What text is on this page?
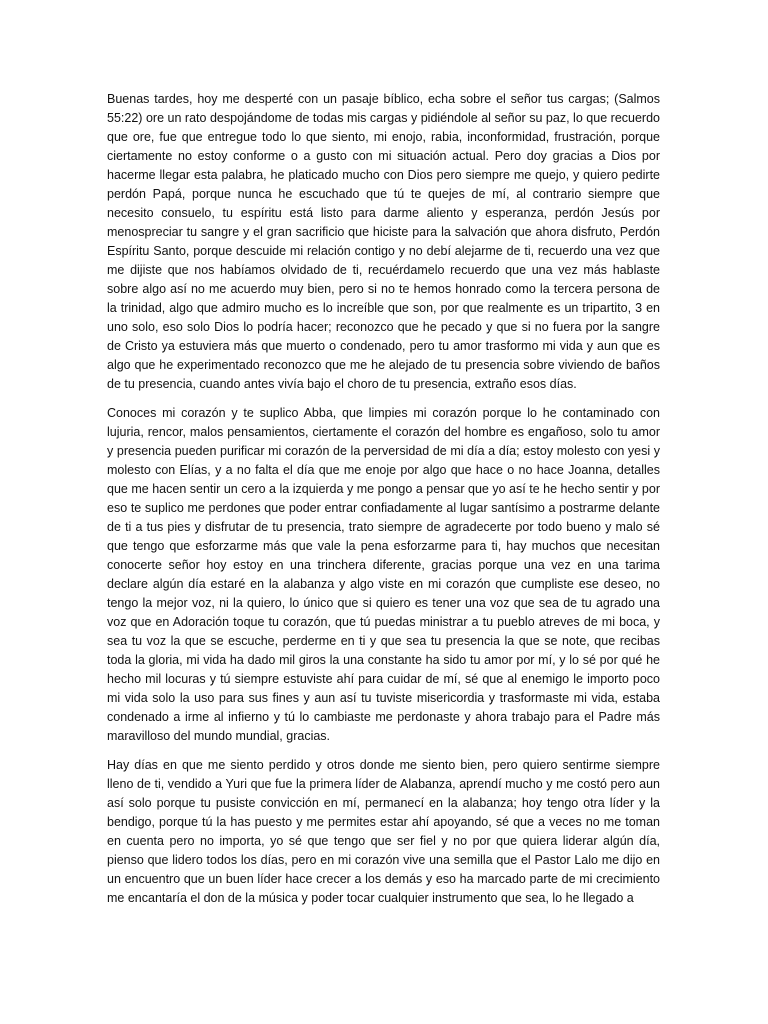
Buenas tardes, hoy me desperté con un pasaje bíblico, echa sobre el señor tus cargas; (Salmos 55:22) ore un rato despojándome de todas mis cargas y pidiéndole al señor su paz, lo que recuerdo que ore, fue que entregue todo lo que siento, mi enojo, rabia, inconformidad, frustración, porque ciertamente no estoy conforme o a gusto con mi situación actual. Pero doy gracias a Dios por hacerme llegar esta palabra, he platicado mucho con Dios pero siempre me quejo, y quiero pedirte perdón Papá, porque nunca he escuchado que tú te quejes de mí, al contrario siempre que necesito consuelo, tu espíritu está listo para darme aliento y esperanza, perdón Jesús por menospreciar tu sangre y el gran sacrificio que hiciste para la salvación que ahora disfruto, Perdón Espíritu Santo, porque descuide mi relación contigo y no debí alejarme de ti, recuerdo una vez que me dijiste que nos habíamos olvidado de ti, recuérdamelo recuerdo que una vez más hablaste sobre algo así no me acuerdo muy bien, pero si no te hemos honrado como la tercera persona de la trinidad, algo que admiro mucho es lo increíble que son, por que realmente es un tripartito, 3 en uno solo, eso solo Dios lo podría hacer; reconozco que he pecado y que si no fuera por la sangre de Cristo ya estuviera más que muerto o condenado, pero tu amor trasformo mi vida y aun que es algo que he experimentado reconozco que me he alejado de tu presencia sobre viviendo de baños de tu presencia, cuando antes vivía bajo el choro de tu presencia, extraño esos días.

Conoces mi corazón y te suplico Abba, que limpies mi corazón porque lo he contaminado con lujuria, rencor, malos pensamientos, ciertamente el corazón del hombre es engañoso, solo tu amor y presencia pueden purificar mi corazón de la perversidad de mi día a día; estoy molesto con yesi y molesto con Elías, y a no falta el día que me enoje por algo que hace o no hace Joanna, detalles que me hacen sentir un cero a la izquierda y me pongo a pensar que yo así te he hecho sentir y por eso te suplico me perdones que poder entrar confiadamente al lugar santísimo a postrarme delante de ti a tus pies y disfrutar de tu presencia, trato siempre de agradecerte por todo bueno y malo sé que tengo que esforzarme más que vale la pena esforzarme para ti, hay muchos que necesitan conocerte señor hoy estoy en una trinchera diferente, gracias porque una vez en una tarima declare algún día estaré en la alabanza y algo viste en mi corazón que cumpliste ese deseo, no tengo la mejor voz, ni la quiero, lo único que si quiero es tener una voz que sea de tu agrado una voz que en Adoración toque tu corazón, que tú puedas ministrar a tu pueblo atreves de mi boca, y sea tu voz la que se escuche, perderme en ti y que sea tu presencia la que se note, que recibas toda la gloria, mi vida ha dado mil giros la una constante ha sido tu amor por mí, y lo sé por qué he hecho mil locuras y tú siempre estuviste ahí para cuidar de mí, sé que al enemigo le importo poco mi vida solo la uso para sus fines y aun así tu tuviste misericordia y trasformaste mi vida, estaba condenado a irme al infierno y tú lo cambiaste me perdonaste y ahora trabajo para el Padre más maravilloso del mundo mundial, gracias.

Hay días en que me siento perdido y otros donde me siento bien, pero quiero sentirme siempre lleno de ti, vendido a Yuri que fue la primera líder de Alabanza, aprendí mucho y me costó pero aun así solo porque tu pusiste convicción en mí, permanecí en la alabanza; hoy tengo otra líder y la bendigo, porque tú la has puesto y me permites estar ahí apoyando, sé que a veces no me toman en cuenta pero no importa, yo sé que tengo que ser fiel y no por que quiera liderar algún día, pienso que lidero todos los días, pero en mi corazón vive una semilla que el Pastor Lalo me dijo en un encuentro que un buen líder hace crecer a los demás y eso ha marcado parte de mi crecimiento me encantaría el don de la música y poder tocar cualquier instrumento que sea, lo he llegado a
